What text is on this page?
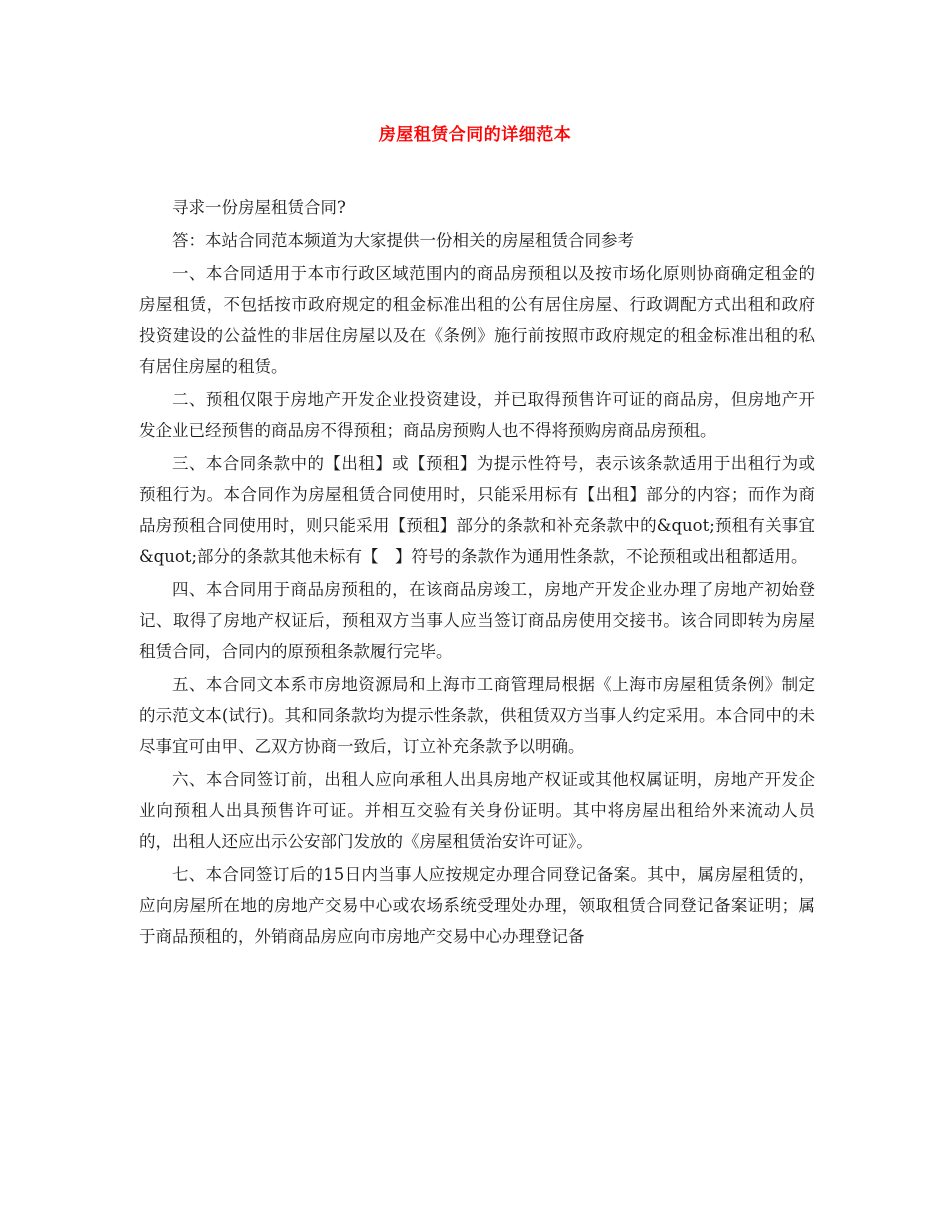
房屋租赁合同的详细范本

寻求一份房屋租赁合同?

答：本站合同范本频道为大家提供一份相关的房屋租赁合同参考

一、本合同适用于本市行政区域范围内的商品房预租以及按市场化原则协商确定租金的房屋租赁，不包括按市政府规定的租金标准出租的公有居住房屋、行政调配方式出租和政府投资建设的公益性的非居住房屋以及在《条例》施行前按照市政府规定的租金标准出租的私有居住房屋的租赁。

二、预租仅限于房地产开发企业投资建设，并已取得预售许可证的商品房，但房地产开发企业已经预售的商品房不得预租；商品房预购人也不得将预购房商品房预租。

三、本合同条款中的【出租】或【预租】为提示性符号，表示该条款适用于出租行为或预租行为。本合同作为房屋租赁合同使用时，只能采用标有【出租】部分的内容；而作为商品房预租合同使用时，则只能采用【预租】部分的条款和补充条款中的&quot;预租有关事宜&quot;部分的条款其他未标有【　】符号的条款作为通用性条款，不论预租或出租都适用。

四、本合同用于商品房预租的，在该商品房竣工，房地产开发企业办理了房地产初始登记、取得了房地产权证后，预租双方当事人应当签订商品房使用交接书。该合同即转为房屋租赁合同，合同内的原预租条款履行完毕。

五、本合同文本系市房地资源局和上海市工商管理局根据《上海市房屋租赁条例》制定的示范文本(试行)。其和同条款均为提示性条款，供租赁双方当事人约定采用。本合同中的未尽事宜可由甲、乙双方协商一致后，订立补充条款予以明确。

六、本合同签订前，出租人应向承租人出具房地产权证或其他权属证明，房地产开发企业向预租人出具预售许可证。并相互交验有关身份证明。其中将房屋出租给外来流动人员的，出租人还应出示公安部门发放的《房屋租赁治安许可证》。

七、本合同签订后的15日内当事人应按规定办理合同登记备案。其中，属房屋租赁的，应向房屋所在地的房地产交易中心或农场系统受理处办理，领取租赁合同登记备案证明；属于商品预租的，外销商品房应向市房地产交易中心办理登记备
